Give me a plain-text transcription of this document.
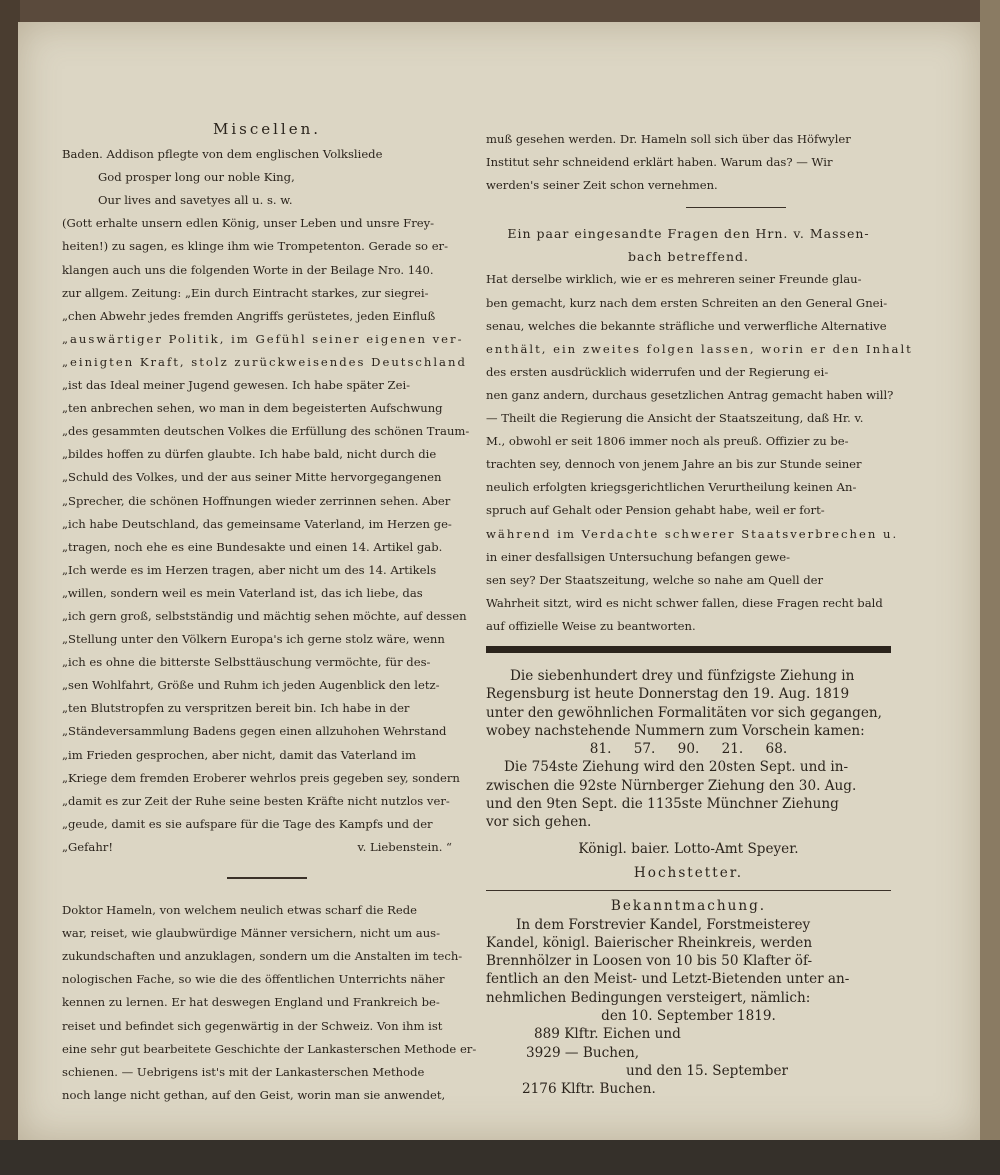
Miscellen.

Baden. Addison pflegte von dem englischen Volksliede

God prosper long our noble King,

Our lives and savetyes all u. s. w.

(Gott erhalte unsern edlen König, unser Leben und unsre Frey-

heiten!) zu sagen, es klinge ihm wie Trompetenton. Gerade so er-

klangen auch uns die folgenden Worte in der Beilage Nro. 140.

zur allgem. Zeitung: „Ein durch Eintracht starkes, zur siegrei-

„chen Abwehr jedes fremden Angriffs gerüstetes, jeden Einfluß

„auswärtiger Politik, im Gefühl seiner eigenen ver-

„einigten Kraft, stolz zurückweisendes Deutschland

„ist das Ideal meiner Jugend gewesen. Ich habe später Zei-

„ten anbrechen sehen, wo man in dem begeisterten Aufschwung

„des gesammten deutschen Volkes die Erfüllung des schönen Traum-

„bildes hoffen zu dürfen glaubte. Ich habe bald, nicht durch die

„Schuld des Volkes, und der aus seiner Mitte hervorgegangenen

„Sprecher, die schönen Hoffnungen wieder zerrinnen sehen. Aber

„ich habe Deutschland, das gemeinsame Vaterland, im Herzen ge-

„tragen, noch ehe es eine Bundesakte und einen 14. Artikel gab.

„Ich werde es im Herzen tragen, aber nicht um des 14. Artikels

„willen, sondern weil es mein Vaterland ist, das ich liebe, das

„ich gern groß, selbstständig und mächtig sehen möchte, auf dessen

„Stellung unter den Völkern Europa's ich gerne stolz wäre, wenn

„ich es ohne die bitterste Selbsttäuschung vermöchte, für des-

„sen Wohlfahrt, Größe und Ruhm ich jeden Augenblick den letz-

„ten Blutstropfen zu verspritzen bereit bin. Ich habe in der

„Ständeversammlung Badens gegen einen allzuhohen Wehrstand

„im Frieden gesprochen, aber nicht, damit das Vaterland im

„Kriege dem fremden Eroberer wehrlos preis gegeben sey, sondern

„damit es zur Zeit der Ruhe seine besten Kräfte nicht nutzlos ver-

„geude, damit es sie aufspare für die Tage des Kampfs und der

„Gefahr!	v. Liebenstein. “

Doktor Hameln, von welchem neulich etwas scharf die Rede

war, reiset, wie glaubwürdige Männer versichern, nicht um aus-

zukundschaften und anzuklagen, sondern um die Anstalten im tech-

nologischen Fache, so wie die des öffentlichen Unterrichts näher

kennen zu lernen. Er hat deswegen England und Frankreich be-

reiset und befindet sich gegenwärtig in der Schweiz. Von ihm ist

eine sehr gut bearbeitete Geschichte der Lankasterschen Methode er-

schienen. — Uebrigens ist's mit der Lankasterschen Methode

noch lange nicht gethan, auf den Geist, worin man sie anwendet,

muß gesehen werden. Dr. Hameln soll sich über das Höfwyler

Institut sehr schneidend erklärt haben. Warum das? — Wir

werden's seiner Zeit schon vernehmen.

Ein paar eingesandte Fragen den Hrn. v. Massen-

bach betreffend.

Hat derselbe wirklich, wie er es mehreren seiner Freunde glau-

ben gemacht, kurz nach dem ersten Schreiten an den General Gnei-

senau, welches die bekannte sträfliche und verwerfliche Alternative

enthält, ein zweites folgen lassen, worin er den Inhalt

des ersten ausdrücklich widerrufen und der Regierung ei-

nen ganz andern, durchaus gesetzlichen Antrag gemacht haben will?

— Theilt die Regierung die Ansicht der Staatszeitung, daß Hr. v.

M., obwohl er seit 1806 immer noch als preuß. Offizier zu be-

trachten sey, dennoch von jenem Jahre an bis zur Stunde seiner

neulich erfolgten kriegsgerichtlichen Verurtheilung keinen An-

spruch auf Gehalt oder Pension gehabt habe, weil er fort-

während im Verdachte schwerer Staatsverbrechen u.

in einer desfallsigen Untersuchung befangen gewe-

sen sey? Der Staatszeitung, welche so nahe am Quell der

Wahrheit sitzt, wird es nicht schwer fallen, diese Fragen recht bald

auf offizielle Weise zu beantworten.

Die siebenhundert drey und fünfzigste Ziehung in

Regensburg ist heute Donnerstag den 19. Aug. 1819

unter den gewöhnlichen Formalitäten vor sich gegangen,

wobey nachstehende Nummern zum Vorschein kamen:

81. 57. 90. 21. 68.

Die 754ste Ziehung wird den 20sten Sept. und in-

zwischen die 92ste Nürnberger Ziehung den 30. Aug.

und den 9ten Sept. die 1135ste Münchner Ziehung

vor sich gehen.

Königl. baier. Lotto-Amt Speyer.

Hochstetter.

Bekanntmachung.

In dem Forstrevier Kandel, Forstmeisterey

Kandel, königl. Baierischer Rheinkreis, werden

Brennhölzer in Loosen von 10 bis 50 Klafter öf-

fentlich an den Meist- und Letzt-Bietenden unter an-

nehmlichen Bedingungen versteigert, nämlich:

den 10. September 1819.

889 Klftr. Eichen und

3929 — Buchen,

und den 15. September

2176 Klftr. Buchen.
